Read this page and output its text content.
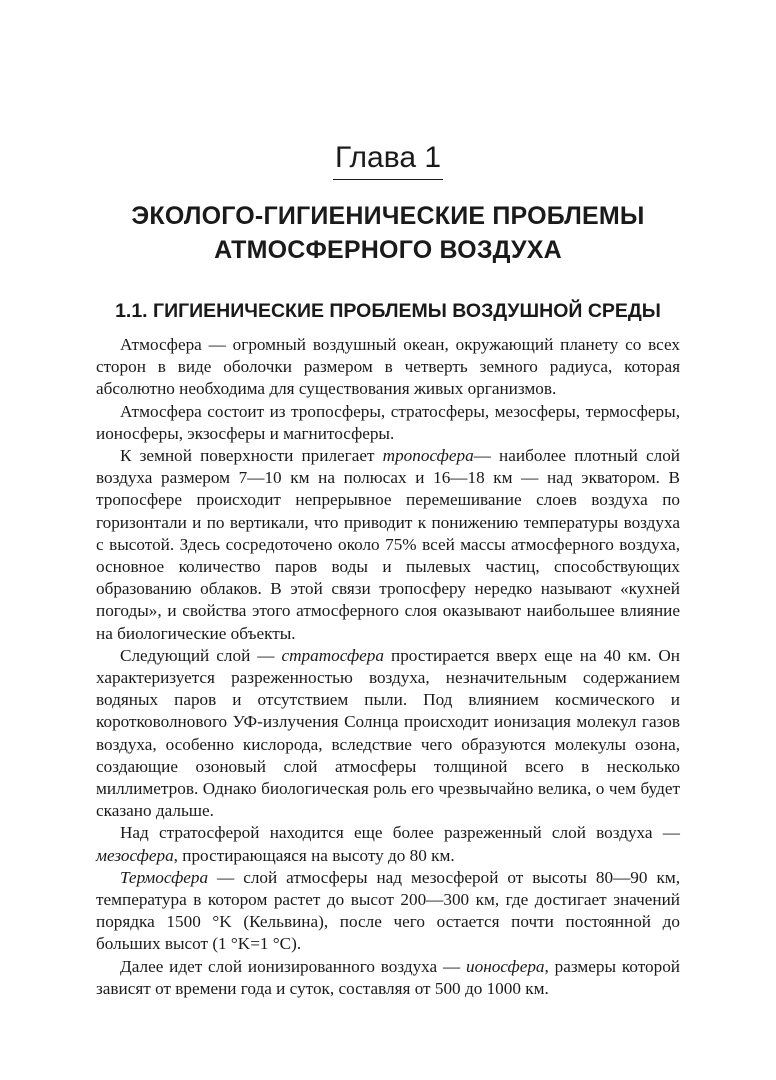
Глава 1
ЭКОЛОГО-ГИГИЕНИЧЕСКИЕ ПРОБЛЕМЫ
АТМОСФЕРНОГО ВОЗДУХА
1.1. ГИГИЕНИЧЕСКИЕ ПРОБЛЕМЫ ВОЗДУШНОЙ СРЕДЫ

Атмосфера — огромный воздушный океан, окружающий планету со всех сторон в виде оболочки размером в четверть земного радиуса, которая абсолютно необходима для существования живых организмов.

Атмосфера состоит из тропосферы, стратосферы, мезосферы, термосферы, ионосферы, экзосферы и магнитосферы.

К земной поверхности прилегает тропосфера— наиболее плотный слой воздуха размером 7—10 км на полюсах и 16—18 км — над экватором. В тропосфере происходит непрерывное перемешивание слоев воздуха по горизонтали и по вертикали, что приводит к понижению температуры воздуха с высотой. Здесь сосредоточено около 75% всей массы атмосферного воздуха, основное количество паров воды и пылевых частиц, способствующих образованию облаков. В этой связи тропосферу нередко называют «кухней погоды», и свойства этого атмосферного слоя оказывают наибольшее влияние на биологические объекты.

Следующий слой — стратосфера простирается вверх еще на 40 км. Он характеризуется разреженностью воздуха, незначительным содержанием водяных паров и отсутствием пыли. Под влиянием космического и коротковолнового УФ-излучения Солнца происходит ионизация молекул газов воздуха, особенно кислорода, вследствие чего образуются молекулы озона, создающие озоновый слой атмосферы толщиной всего в несколько миллиметров. Однако биологическая роль его чрезвычайно велика, о чем будет сказано дальше.

Над стратосферой находится еще более разреженный слой воздуха — мезосфера, простирающаяся на высоту до 80 км.

Термосфера — слой атмосферы над мезосферой от высоты 80—90 км, температура в котором растет до высот 200—300 км, где достигает значений порядка 1500 °K (Кельвина), после чего остается почти постоянной до больших высот (1 °K=1 °C).

Далее идет слой ионизированного воздуха — ионосфера, размеры которой зависят от времени года и суток, составляя от 500 до 1000 км.
